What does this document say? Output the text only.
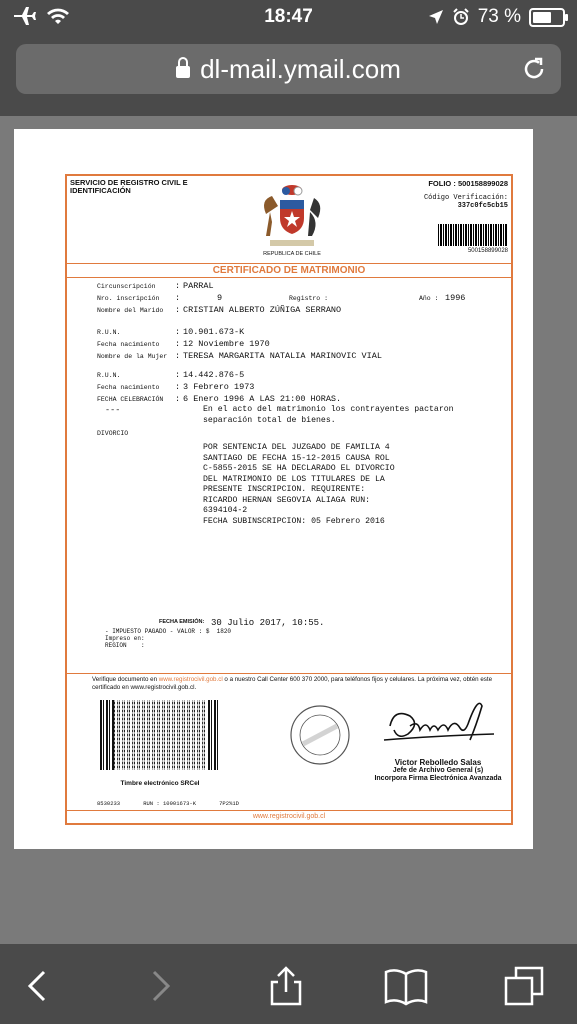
18:47	73 %
dl-mail.ymail.com
SERVICIO DE REGISTRO CIVIL E IDENTIFICACIÓN
FOLIO : 500158899028
Código Verificación:
337c0fc5cb15
500158899028
REPUBLICA DE CHILE
CERTIFICADO DE MATRIMONIO
Circunscripción : PARRAL
Nro. inscripción :	9	Registro :	Año : 1996
Nombre del Marido : CRISTIAN ALBERTO ZÚÑIGA SERRANO
R.U.N.	: 10.901.673-K
Fecha nacimiento : 12 Noviembre 1970
Nombre de la Mujer : TERESA MARGARITA NATALIA MARINOVIC VIAL
R.U.N.	: 14.442.876-5
Fecha nacimiento : 3 Febrero 1973
FECHA CELEBRACIÓN : 6 Enero 1996 A LAS 21:00 HORAS.
---	En el acto del matrimonio los contrayentes pactaron
separación total de bienes.
DIVORCIO
POR SENTENCIA DEL JUZGADO DE FAMILIA 4
SANTIAGO DE FECHA 15-12-2015 CAUSA ROL
C-5855-2015 SE HA DECLARADO EL DIVORCIO
DEL MATRIMONIO DE LOS TITULARES DE LA
PRESENTE INSCRIPCION. REQUIRENTE:
RICARDO HERNAN SEGOVIA ALIAGA RUN:
6394104-2
FECHA SUBINSCRIPCION: 05 Febrero 2016
FECHA EMISIÓN: 30 Julio 2017, 10:55.
- IMPUESTO PAGADO - VALOR : $  1820
Impreso en:
REGION    :
Verifique documento en www.registrocivil.gob.cl o a nuestro Call Center 600 370 2000, para teléfonos fijos y celulares. La próxima vez, obtén este certificado en www.registrocivil.gob.cl.
Timbre electrónico SRCeI
Victor Rebolledo Salas
Jefe de Archivo General (s)
Incorpora Firma Electrónica Avanzada
8530233       RUN : 10901673-K       7P2%1D
www.registrocivil.gob.cl
